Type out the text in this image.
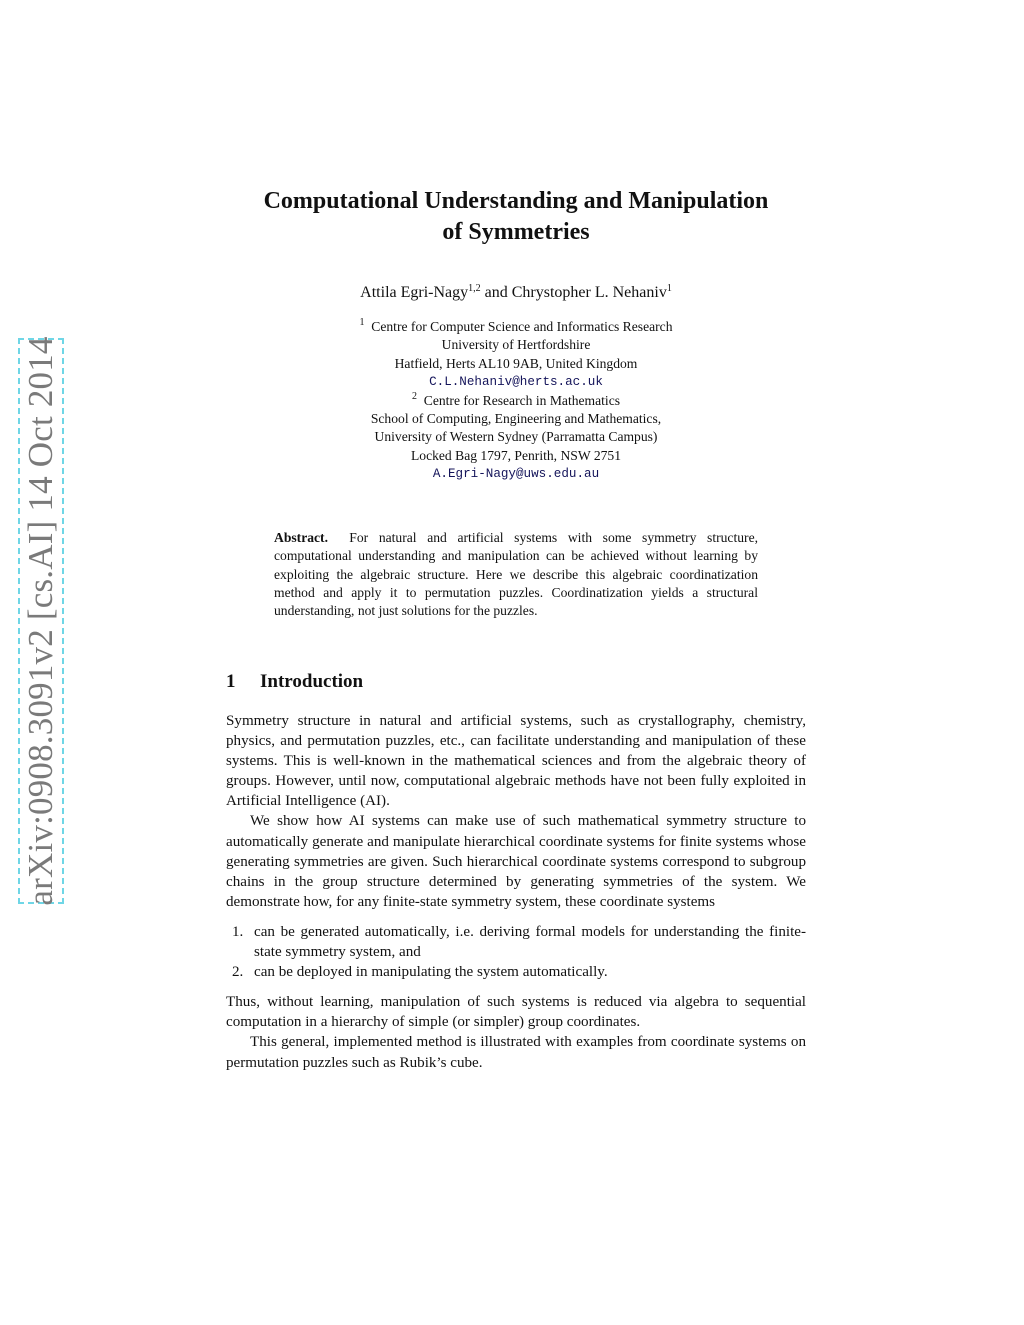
arXiv:0908.3091v2 [cs.AI] 14 Oct 2014
Computational Understanding and Manipulation
of Symmetries
Attila Egri-Nagy$^{1,2}$ and Chrystopher L. Nehaniv$^1$
$^1$ Centre for Computer Science and Informatics Research
University of Hertfordshire
Hatfield, Herts AL10 9AB, United Kingdom
C.L.Nehaniv@herts.ac.uk
$^2$ Centre for Research in Mathematics
School of Computing, Engineering and Mathematics,
University of Western Sydney (Parramatta Campus)
Locked Bag 1797, Penrith, NSW 2751
A.Egri-Nagy@uws.edu.au
Abstract. For natural and artificial systems with some symmetry structure, computational understanding and manipulation can be achieved without learning by exploiting the algebraic structure. Here we describe this algebraic coordinatization method and apply it to permutation puzzles. Coordinatization yields a structural understanding, not just solutions for the puzzles.
1 Introduction

Symmetry structure in natural and artificial systems, such as crystallography, chemistry, physics, and permutation puzzles, etc., can facilitate understanding and manipulation of these systems. This is well-known in the mathematical sciences and from the algebraic theory of groups. However, until now, computational algebraic methods have not been fully exploited in Artificial Intelligence (AI).

We show how AI systems can make use of such mathematical symmetry structure to automatically generate and manipulate hierarchical coordinate systems for finite systems whose generating symmetries are given. Such hierarchical coordinate systems correspond to subgroup chains in the group structure determined by generating symmetries of the system. We demonstrate how, for any finite-state symmetry system, these coordinate systems

1. can be generated automatically, i.e. deriving formal models for understanding the finite-state symmetry system, and
2. can be deployed in manipulating the system automatically.

Thus, without learning, manipulation of such systems is reduced via algebra to sequential computation in a hierarchy of simple (or simpler) group coordinates.

This general, implemented method is illustrated with examples from coordinate systems on permutation puzzles such as Rubik’s cube.
